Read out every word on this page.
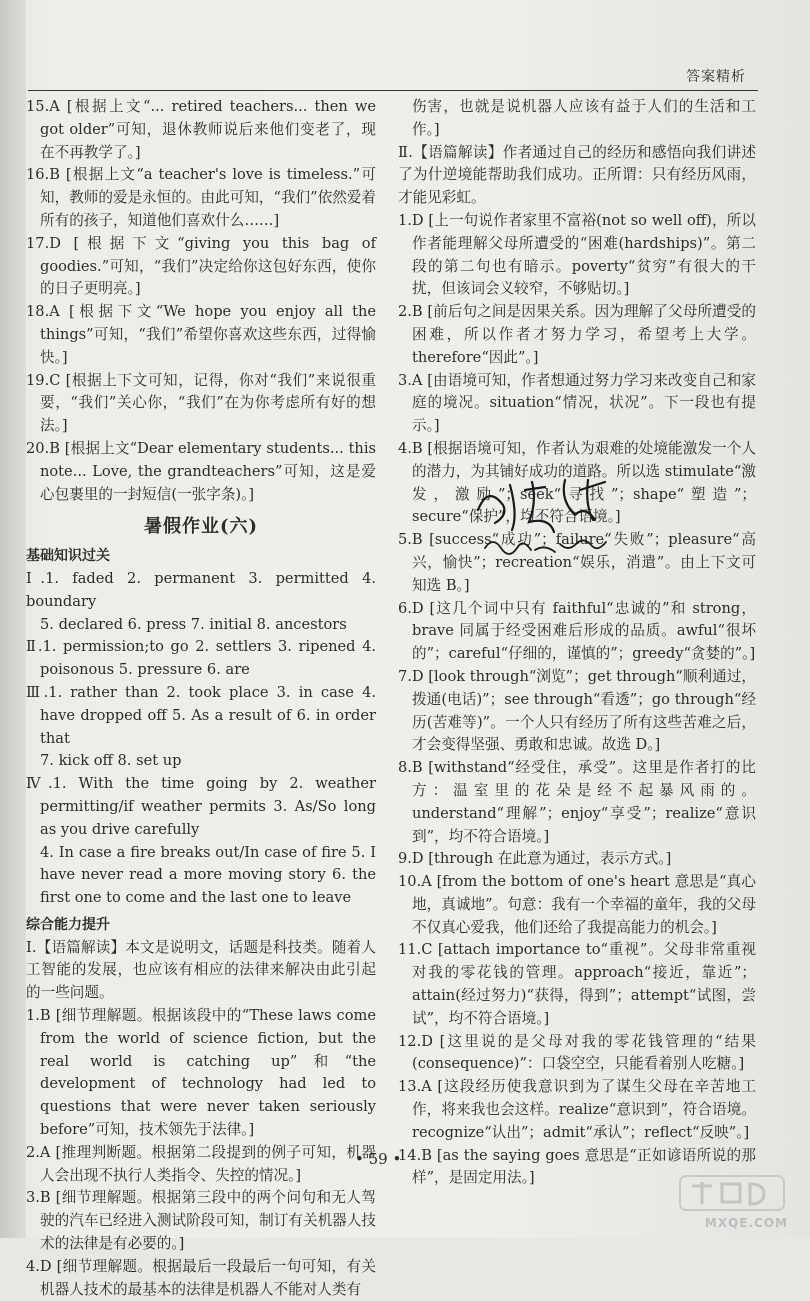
答案精析
15.A [根据上文“... retired teachers... then we got older”可知，退休教师说后来他们变老了，现在不再教学了。]
16.B [根据上文“a teacher's love is timeless.”可知，教师的爱是永恒的。由此可知，“我们”依然爱着所有的孩子，知道他们喜欢什么……]
17.D [根据下文“giving you this bag of goodies.”可知，“我们”决定给你这包好东西，使你的日子更明亮。]
18.A [根据下文“We hope you enjoy all the things”可知，“我们”希望你喜欢这些东西，过得愉快。]
19.C [根据上下文可知，记得，你对“我们”来说很重要，“我们”关心你，“我们”在为你考虑所有好的想法。]
20.B [根据上文“Dear elementary students... this note... Love, the grandteachers”可知，这是爱心包裹里的一封短信(一张字条)。]
暑假作业(六)
基础知识过关
Ⅰ.1. faded 2. permanent 3. permitted 4. boundary
5. declared 6. press 7. initial 8. ancestors
Ⅱ.1. permission;to go 2. settlers 3. ripened 4. poisonous 5. pressure 6. are
Ⅲ.1. rather than 2. took place 3. in case 4. have dropped off 5. As a result of 6. in order that
7. kick off 8. set up
Ⅳ.1. With the time going by 2. weather permitting/if weather permits 3. As/So long as you drive carefully
4. In case a fire breaks out/In case of fire 5. I have never read a more moving story 6. the first one to come and the last one to leave
综合能力提升
Ⅰ.【语篇解读】本文是说明文，话题是科技类。随着人工智能的发展，也应该有相应的法律来解决由此引起的一些问题。
1.B [细节理解题。根据该段中的“These laws come from the world of science fiction, but the real world is catching up”和“the development of technology had led to questions that were never taken seriously before”可知，技术领先于法律。]
2.A [推理判断题。根据第二段提到的例子可知，机器人会出现不执行人类指令、失控的情况。]
3.B [细节理解题。根据第三段中的两个问句和无人驾驶的汽车已经进入测试阶段可知，制订有关机器人技术的法律是有必要的。]
4.D [细节理解题。根据最后一段最后一句可知，有关机器人技术的最基本的法律是机器人不能对人类有
伤害，也就是说机器人应该有益于人们的生活和工作。]
Ⅱ.【语篇解读】作者通过自己的经历和感悟向我们讲述了为什逆境能帮助我们成功。正所谓：只有经历风雨，才能见彩虹。
1.D [上一句说作者家里不富裕(not so well off)，所以作者能理解父母所遭受的“困难(hardships)”。第二段的第二句也有暗示。poverty“贫穷”有很大的干扰，但该词会义较窄，不够贴切。]
2.B [前后句之间是因果关系。因为理解了父母所遭受的困难，所以作者才努力学习，希望考上大学。therefore“因此”。]
3.A [由语境可知，作者想通过努力学习来改变自己和家庭的境况。situation“情况，状况”。下一段也有提示。]
4.B [根据语境可知，作者认为艰难的处境能激发一个人的潜力，为其铺好成功的道路。所以选 stimulate“激发，激励”；seek“寻找”；shape“塑造”；secure“保护”，均不符合语境。]
5.B [success“成功”；failure“失败”；pleasure“高兴，愉快”；recreation“娱乐，消遣”。由上下文可知选 B。]
6.D [这几个词中只有 faithful“忠诚的”和 strong，brave 同属于经受困难后形成的品质。awful“很坏的”；careful“仔细的，谨慎的”；greedy“贪婪的”。]
7.D [look through“浏览”；get through“顺利通过，拨通(电话)”；see through“看透”；go through“经历(苦难等)”。一个人只有经历了所有这些苦难之后，才会变得坚强、勇敢和忠诚。故选 D。]
8.B [withstand“经受住，承受”。这里是作者打的比方：温室里的花朵是经不起暴风雨的。understand“理解”；enjoy“享受”；realize“意识到”，均不符合语境。]
9.D [through 在此意为通过，表示方式。]
10.A [from the bottom of one's heart 意思是“真心地，真诚地”。句意：我有一个幸福的童年，我的父母不仅真心爱我，他们还给了我提高能力的机会。]
11.C [attach importance to“重视”。父母非常重视对我的零花钱的管理。approach“接近，靠近”；attain(经过努力)“获得，得到”；attempt“试图，尝试”，均不符合语境。]
12.D [这里说的是父母对我的零花钱管理的“结果(consequence)”：口袋空空，只能看着别人吃糖。]
13.A [这段经历使我意识到为了谋生父母在辛苦地工作，将来我也会这样。realize“意识到”，符合语境。recognize“认出”；admit“承认”；reflect“反映”。]
14.B [as the saying goes 意思是“正如谚语所说的那样”，是固定用法。]
• 59 •
MXQE.COM
